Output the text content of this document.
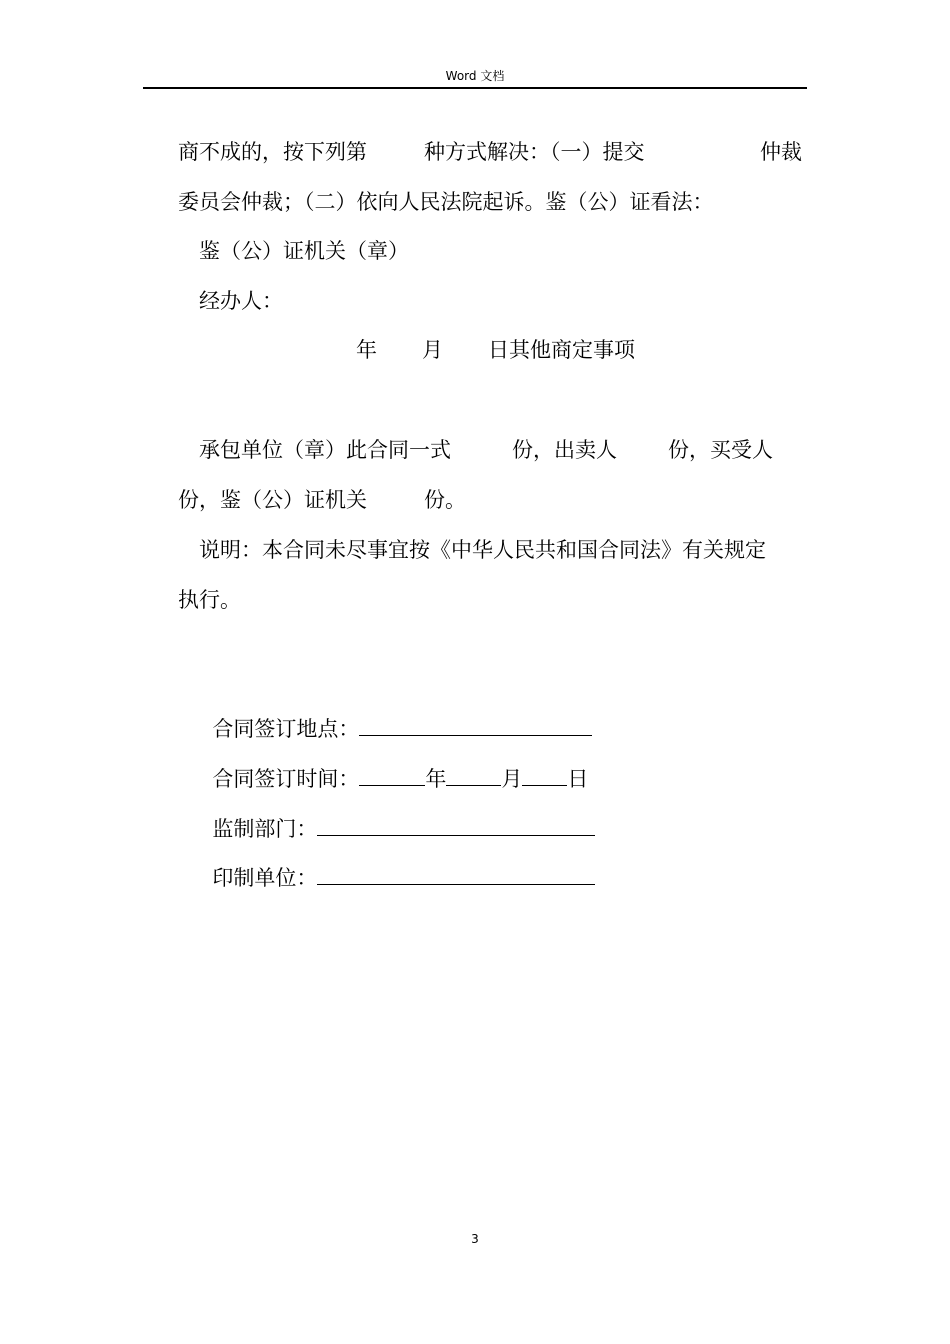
Word 文档

商不成的，按下列第

	种方式解决：（一）提交

	仲裁

委员会仲裁；（二）依向人民法院起诉。鉴（公）证看法：
鉴（公）证机关（章）
经办人：

年

月

日其他商定事项

承包单位（章）此合同一式

	份，出卖人

份，买受人

份，鉴（公）证机关

	份。

说明：本合同未尽事宜按《中华人民共和国合同法》有关规定
执行。

合同签订地点：

合同签订时间：	年	月 日

监制部门：

印制单位：

3
